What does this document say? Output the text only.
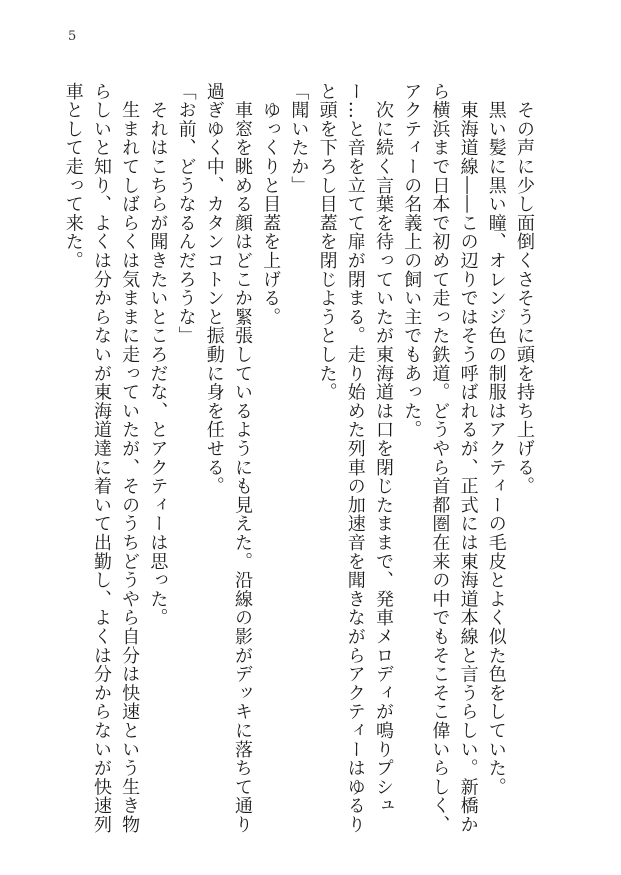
5

　その声に少し面倒くさそうに頭を持ち上げる。

　黒い髪に黒い瞳、オレンジ色の制服はアクティーの毛皮とよく似た色をしていた。

　東海道線――この辺りではそう呼ばれるが、正式には東海道本線と言うらしい。新橋から横浜まで日本で初めて走った鉄道。どうやら首都圏在来の中でもそこそこ偉いらしく、アクティーの名義上の飼い主でもあった。

　次に続く言葉を待っていたが東海道は口を閉じたままで、発車メロディが鳴りプシュー…と音を立てて扉が閉まる。走り始めた列車の加速音を聞きながらアクティーはゆるりと頭を下ろし目蓋を閉じようとした。

「聞いたか」

　ゆっくりと目蓋を上げる。

　車窓を眺める顔はどこか緊張しているようにも見えた。沿線の影がデッキに落ちて通り過ぎゆく中、カタンコトンと振動に身を任せる。

「お前、どうなるんだろうな」

　それはこちらが聞きたいところだな、とアクティーは思った。

　生まれてしばらくは気ままに走っていたが、そのうちどうやら自分は快速という生き物らしいと知り、よくは分からないが東海道達に着いて出勤し、よくは分からないが快速列車として走って来た。
